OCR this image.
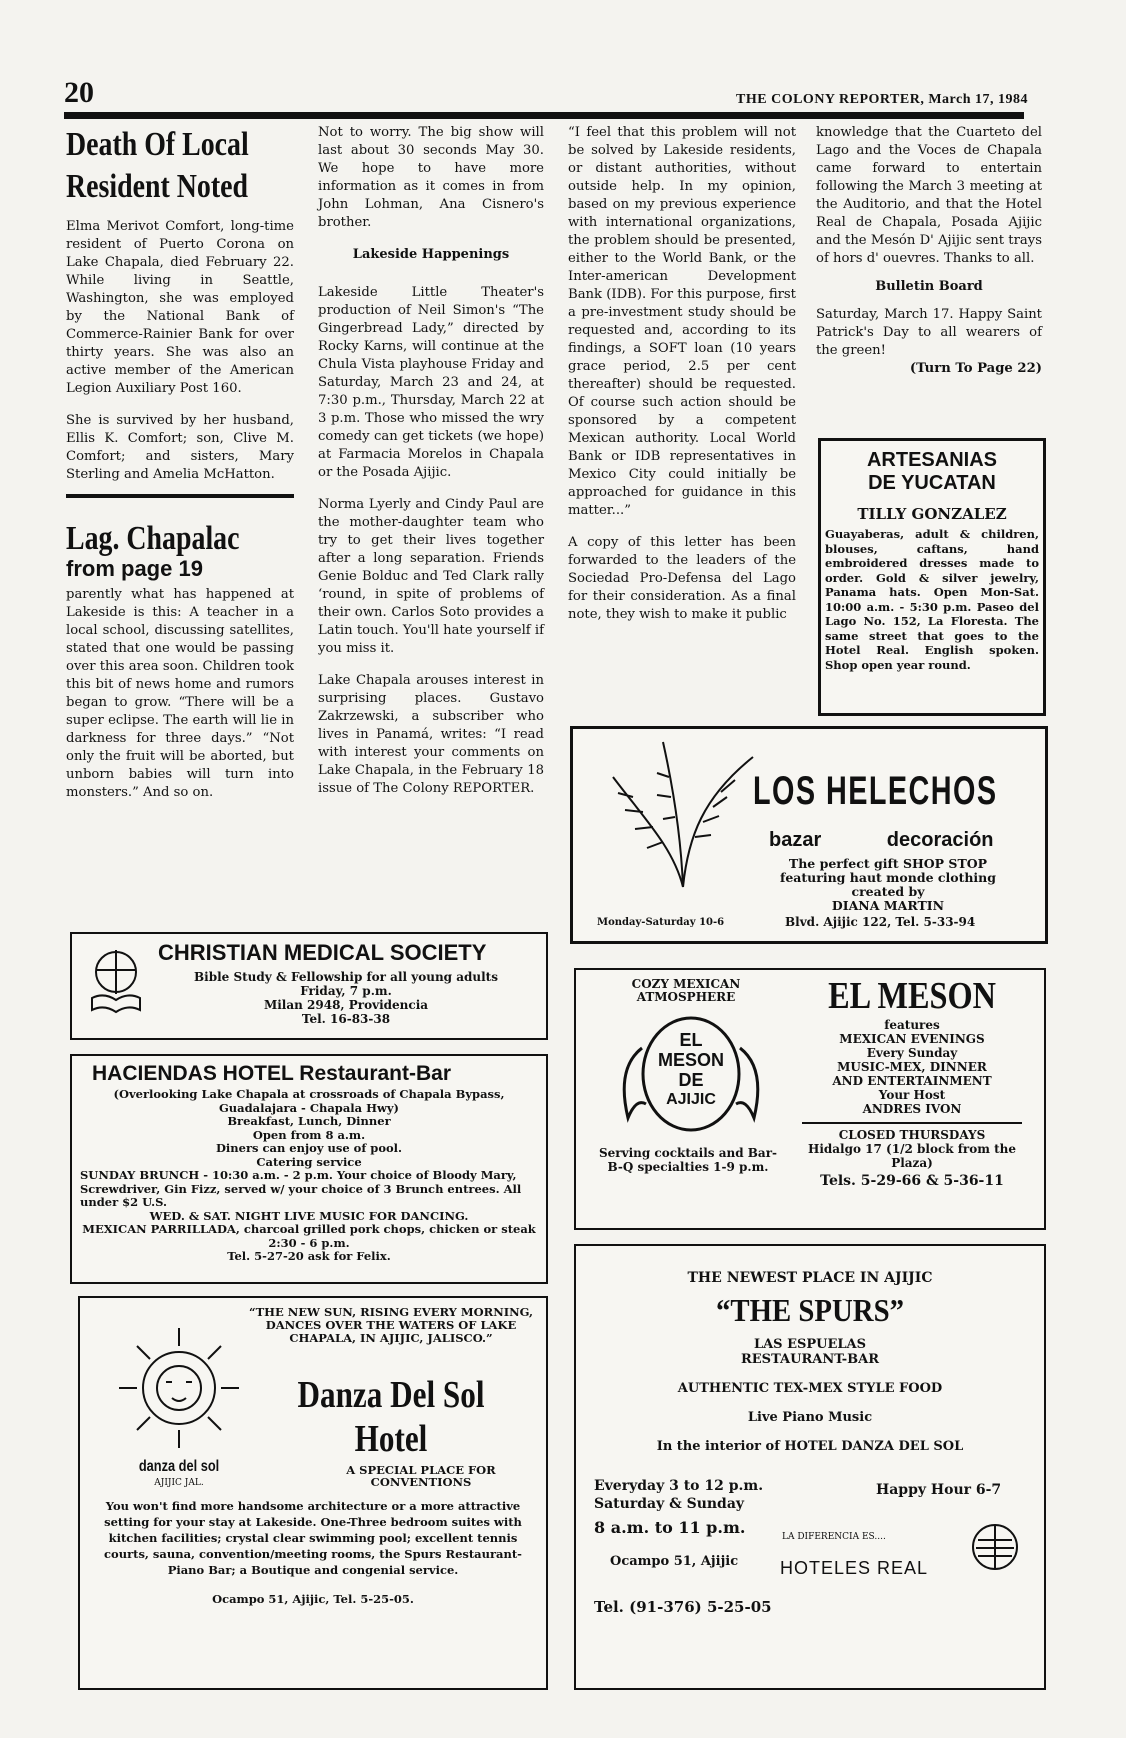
20	THE COLONY REPORTER, March 17, 1984
Death Of Local
Resident Noted

Elma Merivot Comfort, long-time resident of Puerto Corona on Lake Chapala, died February 22. While living in Seattle, Washington, she was employed by the National Bank of Commerce-Rainier Bank for over thirty years. She was also an active member of the American Legion Auxiliary Post 160.

She is survived by her husband, Ellis K. Comfort; son, Clive M. Comfort; and sisters, Mary Sterling and Amelia McHatton.

Lag. Chapalac
from page 19

parently what has happened at Lakeside is this: A teacher in a local school, discussing satellites, stated that one would be passing over this area soon. Children took this bit of news home and rumors began to grow. “There will be a super eclipse. The earth will lie in darkness for three days.” “Not only the fruit will be aborted, but unborn babies will turn into monsters.” And so on.

Not to worry. The big show will last about 30 seconds May 30. We hope to have more information as it comes in from John Lohman, Ana Cisnero's brother.

Lakeside Happenings

Lakeside Little Theater's production of Neil Simon's “The Gingerbread Lady,” directed by Rocky Karns, will continue at the Chula Vista playhouse Friday and Saturday, March 23 and 24, at 7:30 p.m., Thursday, March 22 at 3 p.m. Those who missed the wry comedy can get tickets (we hope) at Farmacia Morelos in Chapala or the Posada Ajijic.

Norma Lyerly and Cindy Paul are the mother-daughter team who try to get their lives together after a long separation. Friends Genie Bolduc and Ted Clark rally ‘round, in spite of problems of their own. Carlos Soto provides a Latin touch. You'll hate yourself if you miss it.

Lake Chapala arouses interest in surprising places. Gustavo Zakrzewski, a subscriber who lives in Panamá, writes: “I read with interest your comments on Lake Chapala, in the February 18 issue of The Colony REPORTER.

“I feel that this problem will not be solved by Lakeside residents, or distant authorities, without outside help. In my opinion, based on my previous experience with international organizations, the problem should be presented, either to the World Bank, or the Inter-american Development Bank (IDB). For this purpose, first a pre-investment study should be requested and, according to its findings, a SOFT loan (10 years grace period, 2.5 per cent thereafter) should be requested. Of course such action should be sponsored by a competent Mexican authority. Local World Bank or IDB representatives in Mexico City could initially be approached for guidance in this matter...”

A copy of this letter has been forwarded to the leaders of the Sociedad Pro-Defensa del Lago for their consideration. As a final note, they wish to make it public

knowledge that the Cuarteto del Lago and the Voces de Chapala came forward to entertain following the March 3 meeting at the Auditorio, and that the Hotel Real de Chapala, Posada Ajijic and the Mesón D' Ajijic sent trays of hors d' ouevres. Thanks to all.

Bulletin Board

Saturday, March 17. Happy Saint Patrick's Day to all wearers of the green!

(Turn To Page 22)
ARTESANIAS
DE YUCATAN
TILLY GONZALEZ
Guayaberas, adult & children, blouses, caftans, hand embroidered dresses made to order. Gold & silver jewelry, Panama hats. Open Mon-Sat. 10:00 a.m. - 5:30 p.m. Paseo del Lago No. 152, La Floresta. The same street that goes to the Hotel Real. English spoken. Shop open year round.
LOS HELECHOS
bazar decoración
The perfect gift SHOP STOP
featuring haut monde clothing
created by
DIANA MARTIN
Monday-Saturday 10-6	Blvd. Ajijic 122, Tel. 5-33-94
CHRISTIAN MEDICAL SOCIETY
Bible Study & Fellowship for all young adults
Friday, 7 p.m.
Milan 2948, Providencia
Tel. 16-83-38
HACIENDAS HOTEL Restaurant-Bar
(Overlooking Lake Chapala at crossroads of Chapala Bypass, Guadalajara - Chapala Hwy)
Breakfast, Lunch, Dinner
Open from 8 a.m.
Diners can enjoy use of pool.
Catering service
SUNDAY BRUNCH - 10:30 a.m. - 2 p.m. Your choice of Bloody Mary, Screwdriver, Gin Fizz, served w/ your choice of 3 Brunch entrees. All under $2 U.S.
WED. & SAT. NIGHT LIVE MUSIC FOR DANCING.
MEXICAN PARRILLADA, charcoal grilled pork chops, chicken or steak 2:30 - 6 p.m.
Tel. 5-27-20 ask for Felix.
COZY MEXICAN ATMOSPHERE
EL
MESON
DE
AJIJIC
Serving cocktails and Bar-B-Q specialties 1-9 p.m.
EL MESON
features
MEXICAN EVENINGS
Every Sunday
MUSIC-MEX, DINNER
AND ENTERTAINMENT
Your Host
ANDRES IVON
CLOSED THURSDAYS
Hidalgo 17 (1/2 block from the Plaza)
Tels. 5-29-66 & 5-36-11
danza del sol
AJIJIC JAL.
“THE NEW SUN, RISING EVERY MORNING, DANCES OVER THE WATERS OF LAKE CHAPALA, IN AJIJIC, JALISCO.”
Danza Del Sol
Hotel
A SPECIAL PLACE FOR CONVENTIONS
You won't find more handsome architecture or a more attractive setting for your stay at Lakeside. One-Three bedroom suites with kitchen facilities; crystal clear swimming pool; excellent tennis courts, sauna, convention/meeting rooms, the Spurs Restaurant-Piano Bar; a Boutique and congenial service.
Ocampo 51, Ajijic, Tel. 5-25-05.
THE NEWEST PLACE IN AJIJIC
“THE SPURS”
LAS ESPUELAS
RESTAURANT-BAR
AUTHENTIC TEX-MEX STYLE FOOD
Live Piano Music
In the interior of HOTEL DANZA DEL SOL
Everyday 3 to 12 p.m.
Saturday & Sunday
8 a.m. to 11 p.m.
Happy Hour 6-7
Ocampo 51, Ajijic
Tel. (91-376) 5-25-05
LA DIFERENCIA ES....
HOTELES REAL
